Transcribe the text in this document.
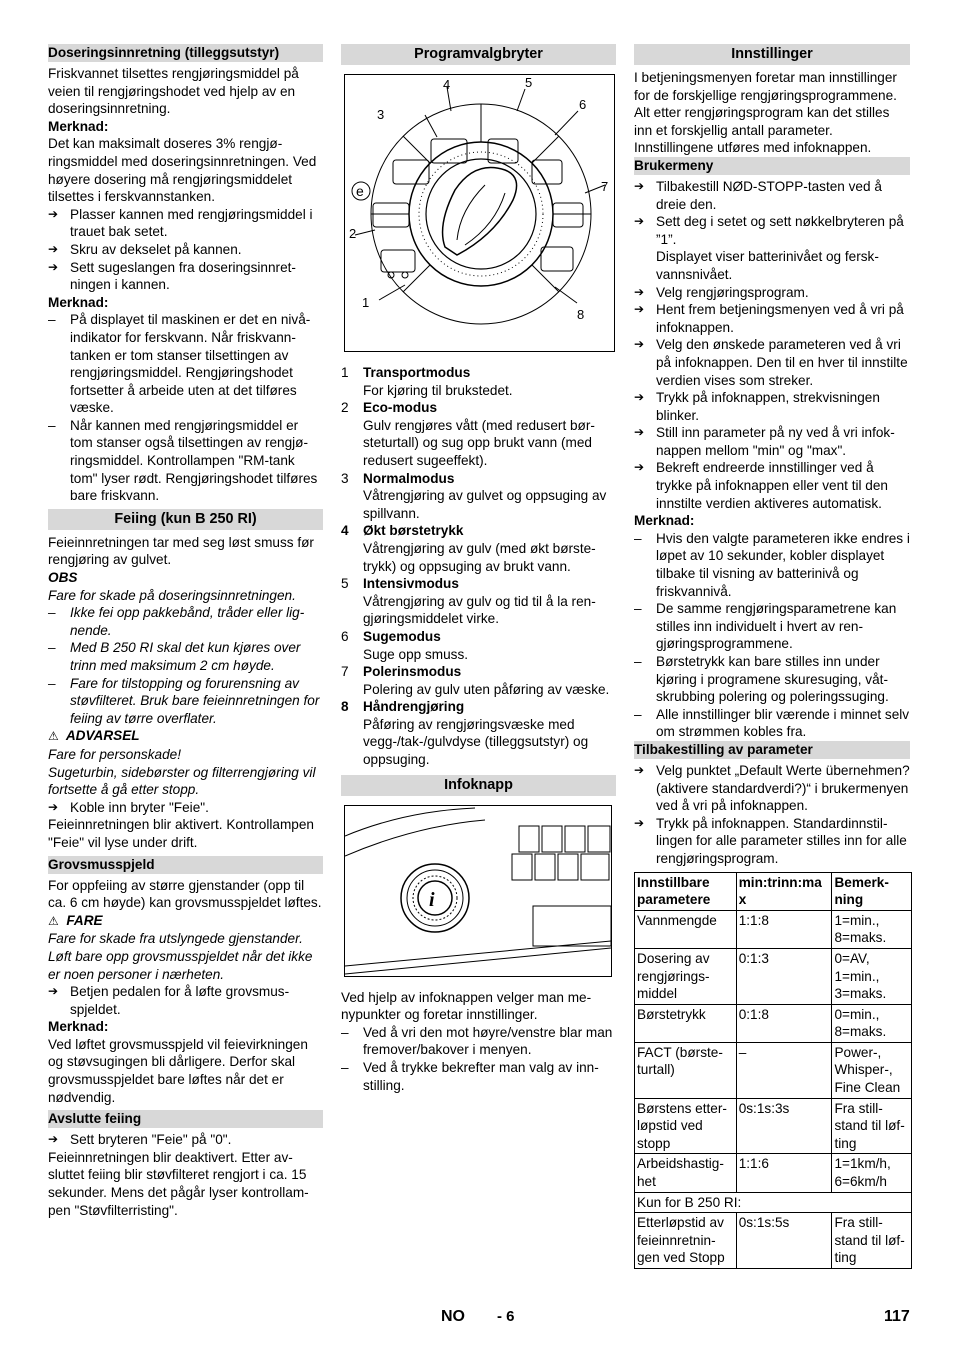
Doseringsinnretning (tilleggsutstyr)

Friskvannet tilsettes rengjøringsmiddel på veien til rengjøringshodet ved hjelp av en doseringsinnretning.

Merknad:

Det kan maksimalt doseres 3% rengjøringsmiddel med doseringsinnretningen. Ved høyere dosering må rengjøringsmiddelet tilsettes i ferskvannstanken.

➔ Plasser kannen med rengjøringsmiddel i trauet bak setet.

➔ Skru av dekselet på kannen.

➔ Sett sugeslangen fra doseringsinnretningen i kannen.

Merknad:

– På displayet til maskinen er det en nivåindikator for ferskvann. Når friskvanntanken er tom stanser tilsettingen av rengjøringsmiddel. Rengjøringshodet fortsetter å arbeide uten at det tilføres væske.

– Når kannen med rengjøringsmiddel er tom stanser også tilsettingen av rengjøringsmiddel. Kontrollampen "RM-tank tom" lyser rødt. Rengjøringshodet tilføres bare friskvann.

Feiing (kun B 250 RI)

Feieinnretningen tar med seg løst smuss før rengjøring av gulvet.

OBS

Fare for skade på doseringsinnretningen.

– Ikke fei opp pakkebånd, tråder eller lignende.

– Med B 250 RI skal det kun kjøres over trinn med maksimum 2 cm høyde.

– Fare for tilstopping og forurensning av støvfilteret. Bruk bare feieinnretningen for feiing av tørre overflater.

⚠ ADVARSEL

Fare for personskade!

Sugeturbin, sidebørster og filterrengjøring vil fortsette å gå etter stopp.

➔ Koble inn bryter "Feie".

Feieinnretningen blir aktivert. Kontrollampen "Feie" vil lyse under drift.

Grovsmusspjeld

For oppfeiing av større gjenstander (opp til ca. 6 cm høyde) kan grovsmusspjeldet løftes.

⚠ FARE

Fare for skade fra utslyngede gjenstander. Løft bare opp grovsmusspjeldet når det ikke er noen personer i nærheten.

➔ Betjen pedalen for å løfte grovsmusspjeldet.

Merknad:

Ved løftet grovsmusspjeld vil feievirkningen og støvsugingen bli dårligere. Derfor skal grovsmusspjeldet bare løftes når det er nødvendig.

Avslutte feiing

➔ Sett bryteren "Feie" på "0".

Feieinnretningen blir deaktivert. Etter avsluttet feiing blir støvfilteret rengjort i ca. 15 sekunder. Mens det pågår lyser kontrollampen "Støvfilterristing".

Programvalgbryter
1
2
3
4	5
6
7
8
e
1	Transportmodus
For kjøring til brukstedet.
2	Eco-modus
Gulv rengjøres vått (med redusert børsteturtall) og sug opp brukt vann (med redusert sugeeffekt).
3	Normalmodus
Våtrengjøring av gulvet og oppsuging av spillvann.
4	Økt børstetrykk
Våtrengjøring av gulv (med økt børstetrykk) og oppsuging av brukt vann.
5	Intensivmodus
Våtrengjøring av gulv og tid til å la rengjøringsmiddelet virke.
6	Sugemodus
Suge opp smuss.
7	Polerinsmodus
Polering av gulv uten påføring av væske.
8	Håndrengjøring
Påføring av rengjøringsvæske med vegg-/tak-/gulvdyse (tilleggsutstyr) og oppsuging.
Infoknapp
i

Ved hjelp av infoknappen velger man menypunkter og foretar innstillinger.

– Ved å vri den mot høyre/venstre blar man fremover/bakover i menyen.

– Ved å trykke bekrefter man valg av innstilling.

Innstillinger

I betjeningsmenyen foretar man innstillinger for de forskjellige rengjøringsprogrammene. Alt etter rengjøringsprogram kan det stilles inn et forskjellig antall parameter. Innstillingene utføres med infoknappen.

Brukermeny

➔ Tilbakestill NØD-STOPP-tasten ved å dreie den.

➔ Sett deg i setet og sett nøkkelbryteren på ”1”.

Displayet viser batterinivået og ferskvannsnivået.

➔ Velg rengjøringsprogram.

➔ Hent frem betjeningsmenyen ved å vri på infoknappen.

➔ Velg den ønskede parameteren ved å vri på infoknappen. Den til en hver til innstilte verdien vises som streker.

➔ Trykk på infoknappen, strekvisningen blinker.

➔ Still inn parameter på ny ved å vri infoknappen mellom "min" og "max".

➔ Bekreft endreerde innstillinger ved å trykke på infoknappen eller vent til den innstilte verdien aktiveres automatisk.

Merknad:

– Hvis den valgte parameteren ikke endres i løpet av 10 sekunder, kobler displayet tilbake til visning av batterinivå og friskvannivå.

– De samme rengjøringsparametrene kan stilles inn individuelt i hvert av rengjøringsprogrammene.

– Børstetrykk kan bare stilles inn under kjøring i programene skuresuging, våtskrubbing polering og poleringssuging.

– Alle innstillinger blir værende i minnet selv om strømmen kobles fra.

Tilbakestilling av parameter

➔ Velg punktet „Default Werte übernehmen? (aktivere standardverdi?)“ i brukermenyen ved å vri på infoknappen.

➔ Trykk på infoknappen. Standardinnstillingen for alle parameter stilles inn for alle rengjøringsprogram.

Innstillbare parametere	min:trinn:ma x	Bemerkning
Vannmengde	1:1:8	1=min., 8=maks.
Dosering av rengjøringsmiddel	0:1:3	0=AV, 1=min., 3=maks.
Børstetrykk	0:1:8	0=min., 8=maks.
FACT (børsteturtall)	–	Power-, Whisper-, Fine Clean
Børstens etterløpstid ved stopp	0s:1s:3s	Fra stillstand til løfting
Arbeidshastighet	1:1:6	1=1km/h, 6=6km/h
Kun for B 250 RI:		
Etterløpstid av feieinnretningen ved Stopp	0s:1s:5s	Fra stillstand til løfting
NO - 6	117
